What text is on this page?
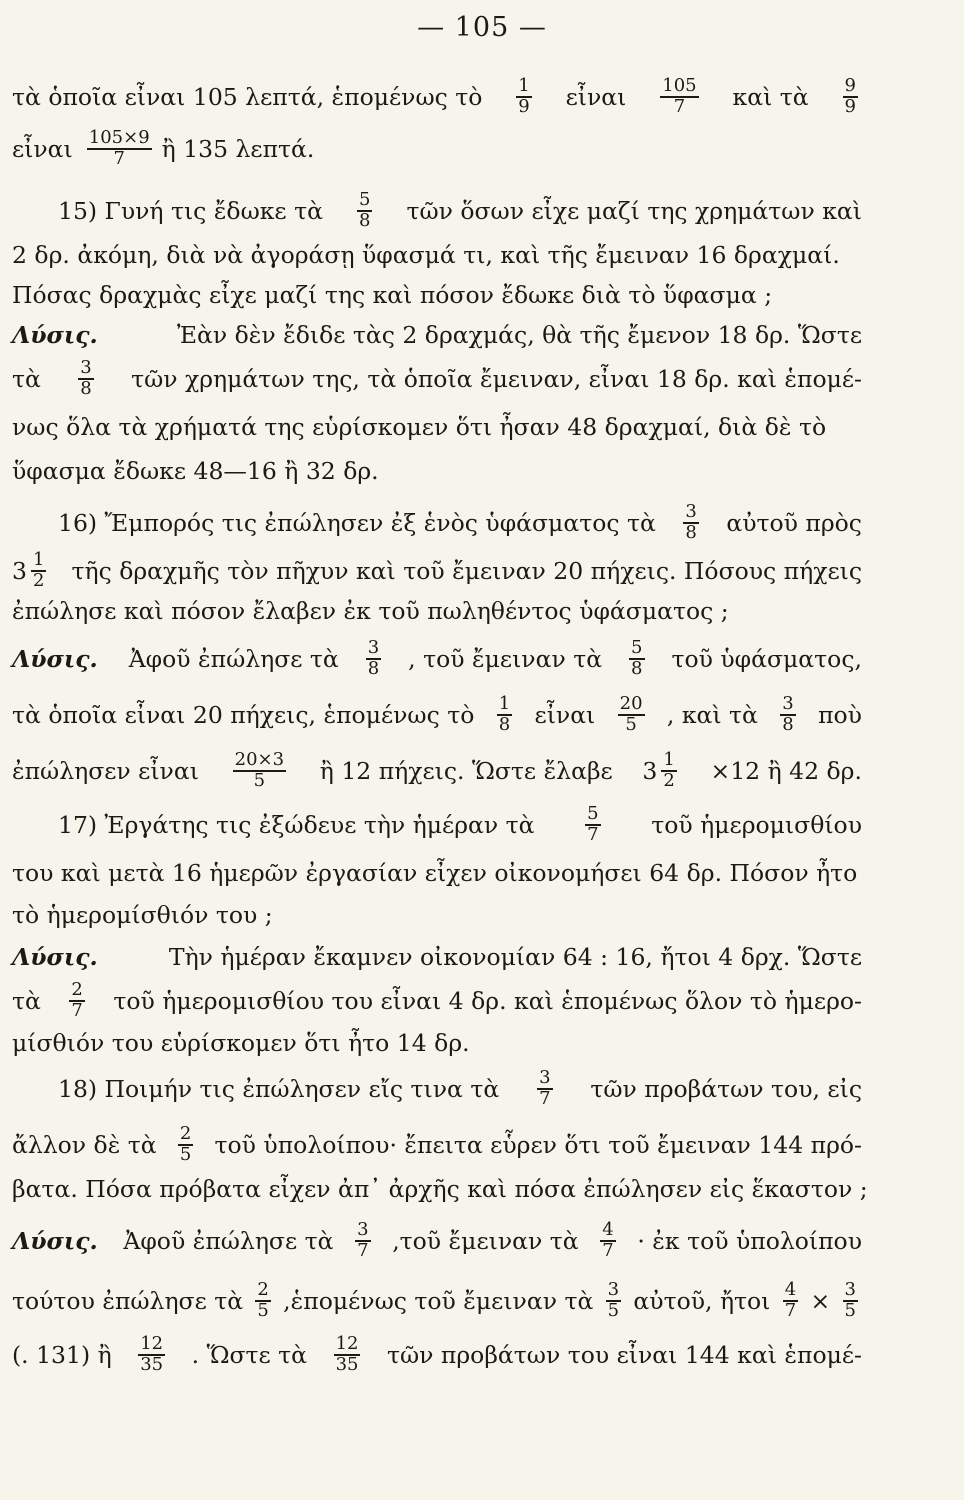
— 105 —
τὰ ὁποῖα εἶναι 105 λεπτά, ἑπομένως τὸ $\frac{1}{9}$ εἶναι $\frac{105}{7}$ καὶ τὰ $\frac{9}{9}$
εἶναι $\frac{105\times 9}{7}$ ἢ 135 λεπτά.
15) Γυνή τις ἔδωκε τὰ $\frac{5}{8}$ τῶν ὅσων εἶχε μαζί της χρημάτων καὶ
2 δρ. ἀκόμη, διὰ νὰ ἀγοράσῃ ὕφασμά τι, καὶ τῆς ἔμειναν 16 δραχμαί.
Πόσας δραχμὰς εἶχε μαζί της καὶ πόσον ἔδωκε διὰ τὸ ὕφασμα ;
Λύσις.	Ἐὰν δὲν ἔδιδε τὰς 2 δραχμάς, θὰ τῆς ἔμενον 18 δρ. Ὥστε
τὰ $\frac{3}{8}$ τῶν χρημάτων της, τὰ ὁποῖα ἔμειναν, εἶναι 18 δρ. καὶ ἑπομέ-
νως ὅλα τὰ χρήματά της εὑρίσκομεν ὅτι ἦσαν 48 δραχμαί, διὰ δὲ τὸ
ὕφασμα ἔδωκε 48—16 ἢ 32 δρ.
16) Ἔμπορός τις ἐπώλησεν ἐξ ἑνὸς ὑφάσματος τὰ $\frac{3}{8}$ αὐτοῦ πρὸς
$3 \frac{1}{2}$ τῆς δραχμῆς τὸν πῆχυν καὶ τοῦ ἔμειναν 20 πήχεις. Πόσους πήχεις
ἐπώλησε καὶ πόσον ἔλαβεν ἐκ τοῦ πωληθέντος ὑφάσματος ;
Λύσις. Ἀφοῦ ἐπώλησε τὰ $\frac{3}{8}$ , τοῦ ἔμειναν τὰ $\frac{5}{8}$ τοῦ ὑφάσματος,
τὰ ὁποῖα εἶναι 20 πήχεις, ἑπομένως τὸ $\frac{1}{8}$ εἶναι $\frac{20}{5}$ , καὶ τὰ $\frac{3}{8}$ ποὺ
ἐπώλησεν εἶναι $\frac{20\times 3}{5}$ ἢ 12 πήχεις. Ὥστε ἔλαβε $3 \frac{1}{2} \times 12$ ἢ 42 δρ.
17) Ἐργάτης τις ἐξώδευε τὴν ἡμέραν τὰ	$\frac{5}{7}$ τοῦ ἡμερομισθίου
του καὶ μετὰ 16 ἡμερῶν ἐργασίαν εἶχεν οἰκονομήσει 64 δρ. Πόσον ἦτο
τὸ ἡμερομίσθιόν του ;
Λύσις.	Τὴν ἡμέραν ἔκαμνεν οἰκονομίαν 64 : 16, ἤτοι 4 δρχ. Ὥστε
τὰ $\frac{2}{7}$ τοῦ ἡμερομισθίου του εἶναι 4 δρ. καὶ ἑπομένως ὅλον τὸ ἡμερο-
μίσθιόν του εὑρίσκομεν ὅτι ἦτο 14 δρ.
18) Ποιμήν τις ἐπώλησεν εἴς τινα τὰ $\frac{3}{7}$ τῶν προβάτων του, εἰς
ἄλλον δὲ τὰ $\frac{2}{5}$ τοῦ ὑπολοίπου· ἔπειτα εὗρεν ὅτι τοῦ ἔμειναν 144 πρό-
βατα. Πόσα πρόβατα εἶχεν ἀπ᾿ ἀρχῆς καὶ πόσα ἐπώλησεν εἰς ἕκαστον ;
Λύσις. Ἀφοῦ ἐπώλησε τὰ $\frac{3}{7}$ ,τοῦ ἔμειναν τὰ $\frac{4}{7}$ · ἐκ τοῦ ὑπολοίπου
τούτου ἐπώλησε τὰ $\frac{2}{5}$ ,ἑπομένως τοῦ ἔμειναν τὰ $\frac{3}{5}$ αὐτοῦ, ἤτοι $\frac{4}{7} \times \frac{3}{5}$
(. 131) ἢ $\frac{12}{35}$ . Ὥστε τὰ $\frac{12}{35}$ τῶν προβάτων του εἶναι 144 καὶ ἑπομέ-
